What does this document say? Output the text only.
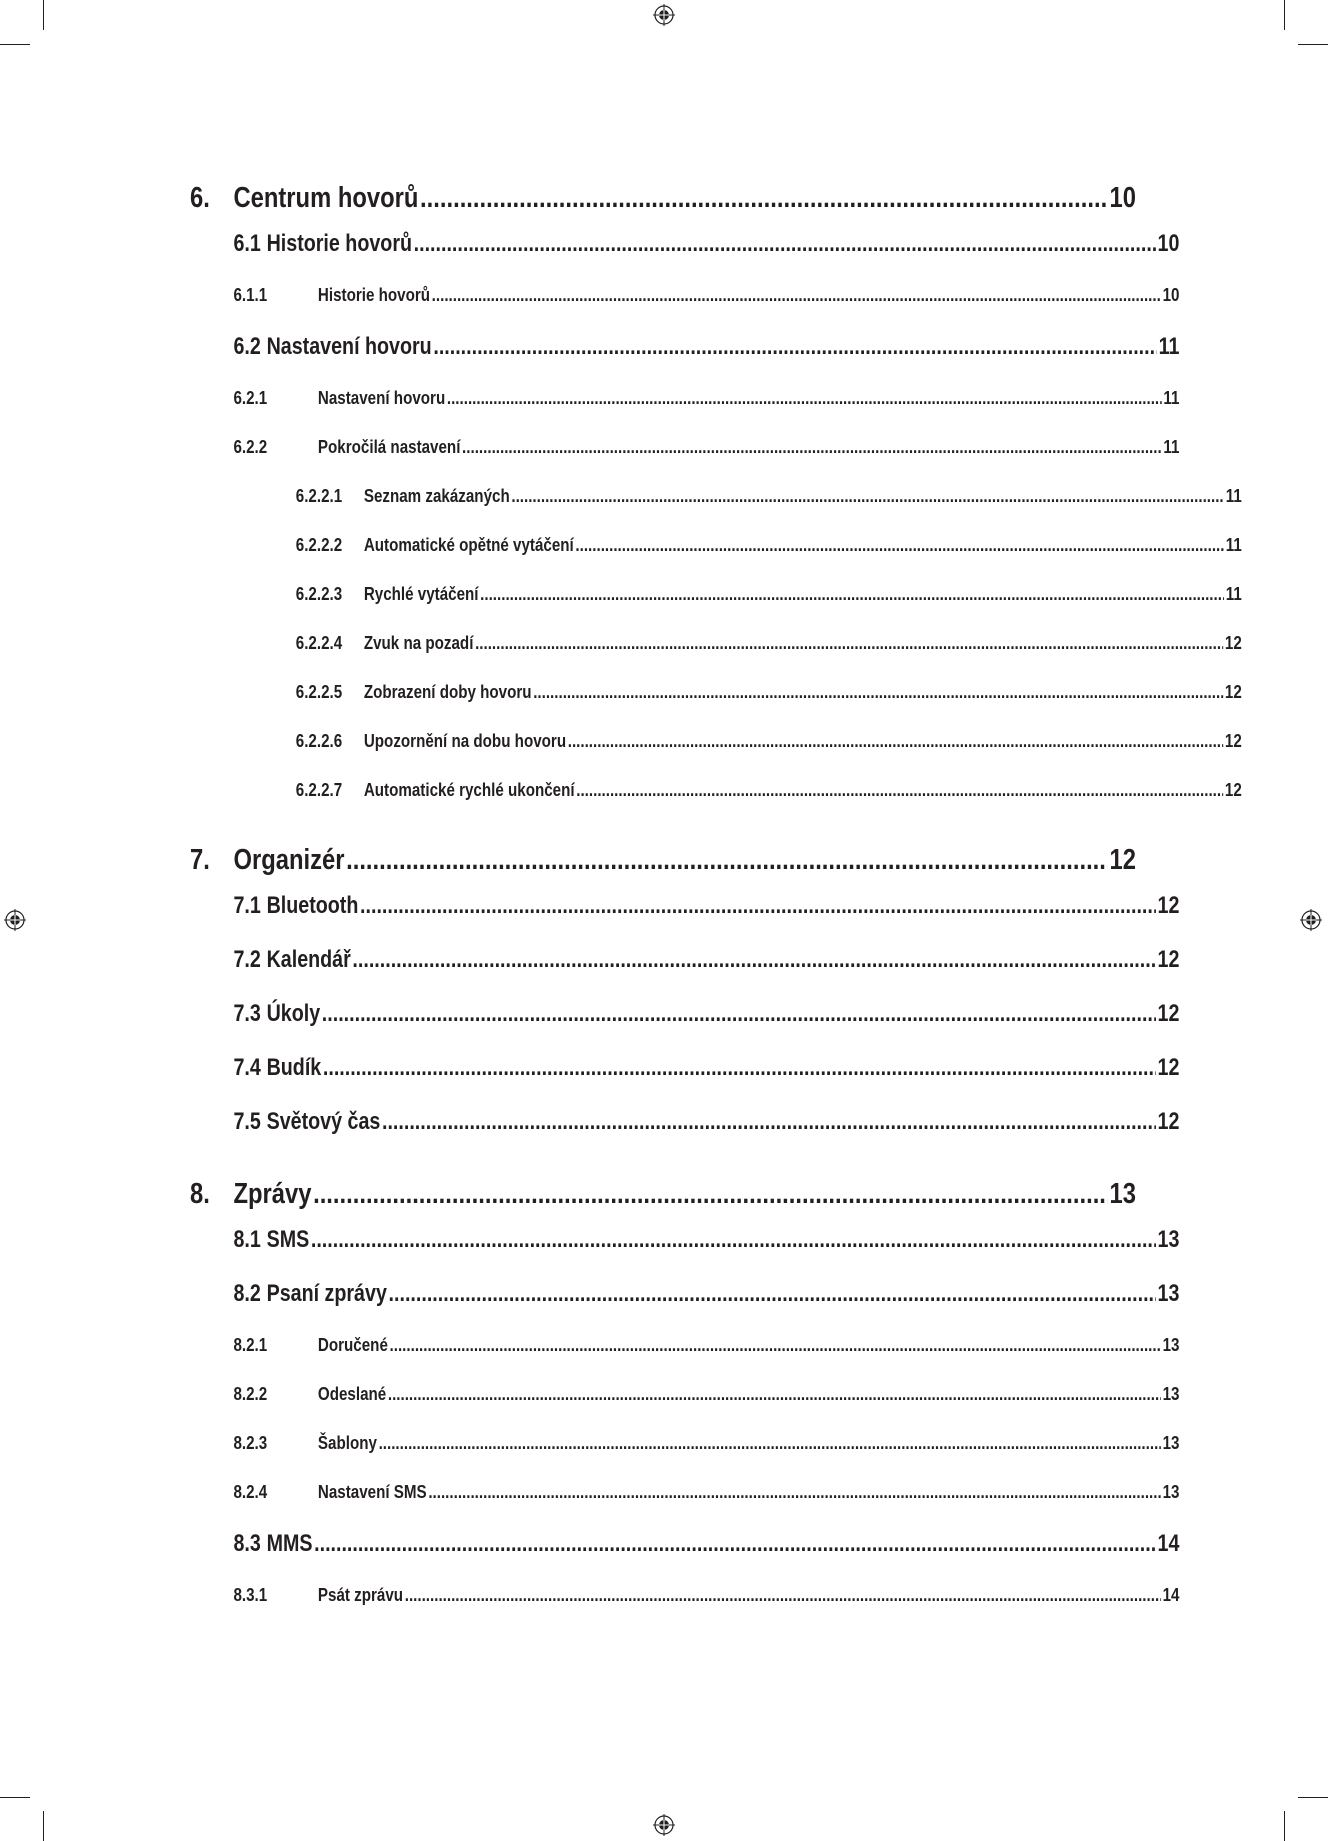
6. Centrum hovorů .....	10
6.1 Historie hovorů .....	10
6.1.1	Historie hovorů .....	10
6.2 Nastavení hovoru .....	11
6.2.1	Nastavení hovoru .....	11
6.2.2	Pokročilá nastavení .....	11
6.2.2.1	Seznam zakázaných .....	11
6.2.2.2	Automatické opětné vytáčení .....	11
6.2.2.3	Rychlé vytáčení .....	11
6.2.2.4	Zvuk na pozadí .....	12
6.2.2.5	Zobrazení doby hovoru .....	12
6.2.2.6	Upozornění na dobu hovoru .....	12
6.2.2.7	Automatické rychlé ukončení .....	12
7. Organizér .....	12
7.1 Bluetooth .....	12
7.2 Kalendář .....	12
7.3 Úkoly .....	12
7.4 Budík .....	12
7.5 Světový čas .....	12
8. Zprávy .....	13
8.1 SMS .....	13
8.2 Psaní zprávy .....	13
8.2.1	Doručené .....	13
8.2.2	Odeslané .....	13
8.2.3	Šablony .....	13
8.2.4	Nastavení SMS .....	13
8.3 MMS .....	14
8.3.1	Psát zprávu .....	14
